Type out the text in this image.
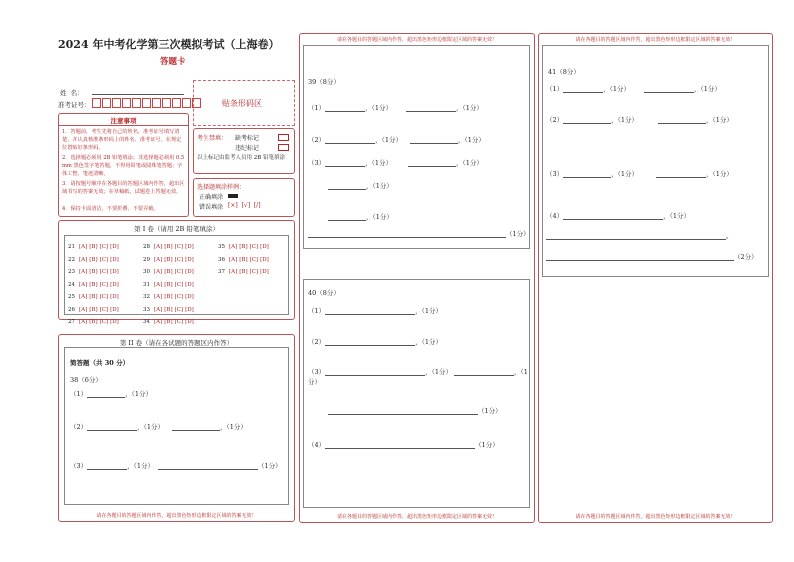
2024 年中考化学第三次模拟考试（上海卷）
答题卡
姓  名：
准考证号：	贴条形码区
注意事项
1．答题前，考生先将自己的姓名，准考证号填写清楚，并认真核准条形码上的姓名、准考证号，在规定位置贴好条形码。
2．选择题必须用 2B 铅笔填涂；非选择题必须用 0.5 mm 黑色签字笔答题，不得用铅笔或圆珠笔答题；字体工整、笔迹清晰。
3．请按题号顺序在各题目的答题区域内作答，超出区域书写的答案无效；在草稿纸、试题卷上答题无效。
4．保持卡面清洁，不要折叠、不要弄破。
考生禁填： 缺考标记
违纪标记
以上标记由监考人员用 2B 铅笔填涂
选择题填涂样例：
正确填涂
错误填涂 [×]  [√]  [/]
第 I 卷（请用 2B 铅笔填涂）
21 [A] [B] [C] [D]
22 [A] [B] [C] [D]
23 [A] [B] [C] [D]
24 [A] [B] [C] [D]
25 [A] [B] [C] [D]
26 [A] [B] [C] [D]
27 [A] [B] [C] [D]
28 [A] [B] [C] [D]
29 [A] [B] [C] [D]
30 [A] [B] [C] [D]
31 [A] [B] [C] [D]
32 [A] [B] [C] [D]
33 [A] [B] [C] [D]
34 [A] [B] [C] [D]
35 [A] [B] [C] [D]
36 [A] [B] [C] [D]
37 [A] [B] [C] [D]
第 II 卷（请在各试题的答题区内作答）
简答题（共 30 分）
38（6分）
（1）	，（1分）
（2）	，（1分）	，（1分）
（3）	，（1分）	（1分）
请在各题目的答题区域内作答，超出黑色矩形边框限定区域的答案无效！
请在各题目的答题区域内作答，超出黑色矩形边框限定区域的答案无效！
39（8分）
（1）	，（1分）	，（1分）
（2）	，（1分）	，（1分）
（3）	，（1分）	，（1分）
，（1分）
，（1分）
（1分）
40（8分）
（1）	，（1分）
（2）	，（1分）
（3）	，（1分）	，（1
分）
（1分）
（4）	（1分）
请在各题目的答题区域内作答，超出黑色矩形边框限定区域的答案无效！
请在各题目的答题区域内作答，超出黑色矩形边框限定区域的答案无效！
41（8分）
（1）	，（1分）	，（1分）
（2）	，（1分）	，（1分）
（3）	，（1分）	，（1分）
（4）	，（1分）
。
（2分）
请在各题目的答题区域内作答，超出黑色矩形边框限定区域的答案无效！
